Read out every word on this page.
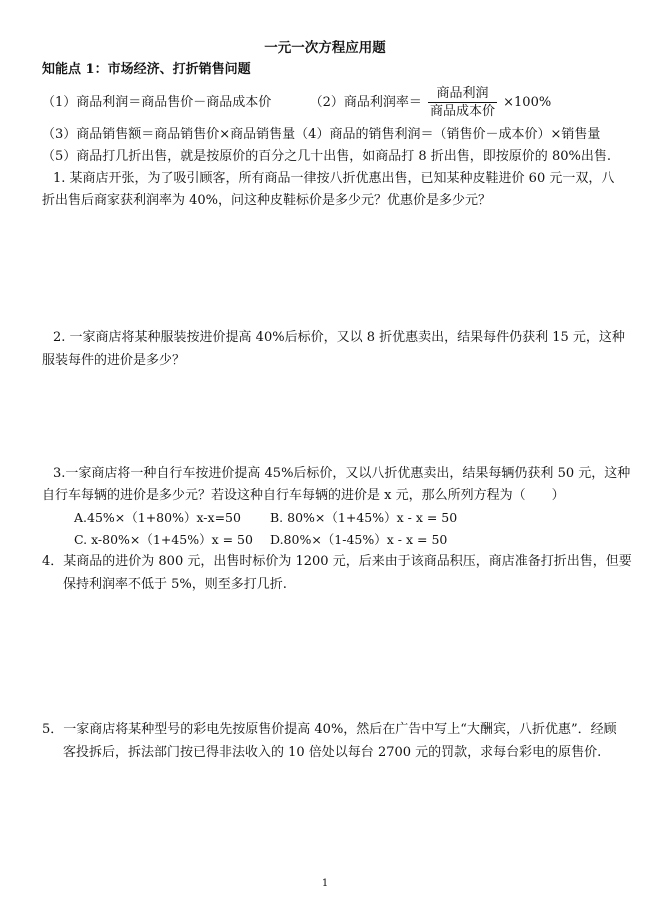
一元一次方程应用题
知能点 1：市场经济、打折销售问题
（1）商品利润＝商品售价－商品成本价	（2）商品利润率＝ $\frac{\text{商品利润}}{\text{商品成本价}} \times 100\%$
（3）商品销售额＝商品销售价×商品销售量（4）商品的销售利润＝（销售价－成本价）×销售量
（5）商品打几折出售，就是按原价的百分之几十出售，如商品打 8 折出售，即按原价的 80%出售.
1. 某商店开张，为了吸引顾客，所有商品一律按八折优惠出售，已知某种皮鞋进价 60 元一双，八
折出售后商家获利润率为 40%，问这种皮鞋标价是多少元？优惠价是多少元？
2. 一家商店将某种服装按进价提高 40%后标价，又以 8 折优惠卖出，结果每件仍获利 15 元，这种
服装每件的进价是多少？
3.一家商店将一种自行车按进价提高 45%后标价，又以八折优惠卖出，结果每辆仍获利 50 元，这种
自行车每辆的进价是多少元？若设这种自行车每辆的进价是 x 元，那么所列方程为（　　）
A.45%×（1+80%）x-x=50 B. 80%×（1+45%）x - x = 50
C. x-80%×（1+45%）x = 50 D.80%×（1-45%）x - x = 50
4．某商品的进价为 800 元，出售时标价为 1200 元，后来由于该商品积压，商店准备打折出售，但要
保持利润率不低于 5%，则至多打几折.
5．一家商店将某种型号的彩电先按原售价提高 40%，然后在广告中写上“大酬宾，八折优惠”．经顾
客投拆后，拆法部门按已得非法收入的 10 倍处以每台 2700 元的罚款，求每台彩电的原售价.
1
